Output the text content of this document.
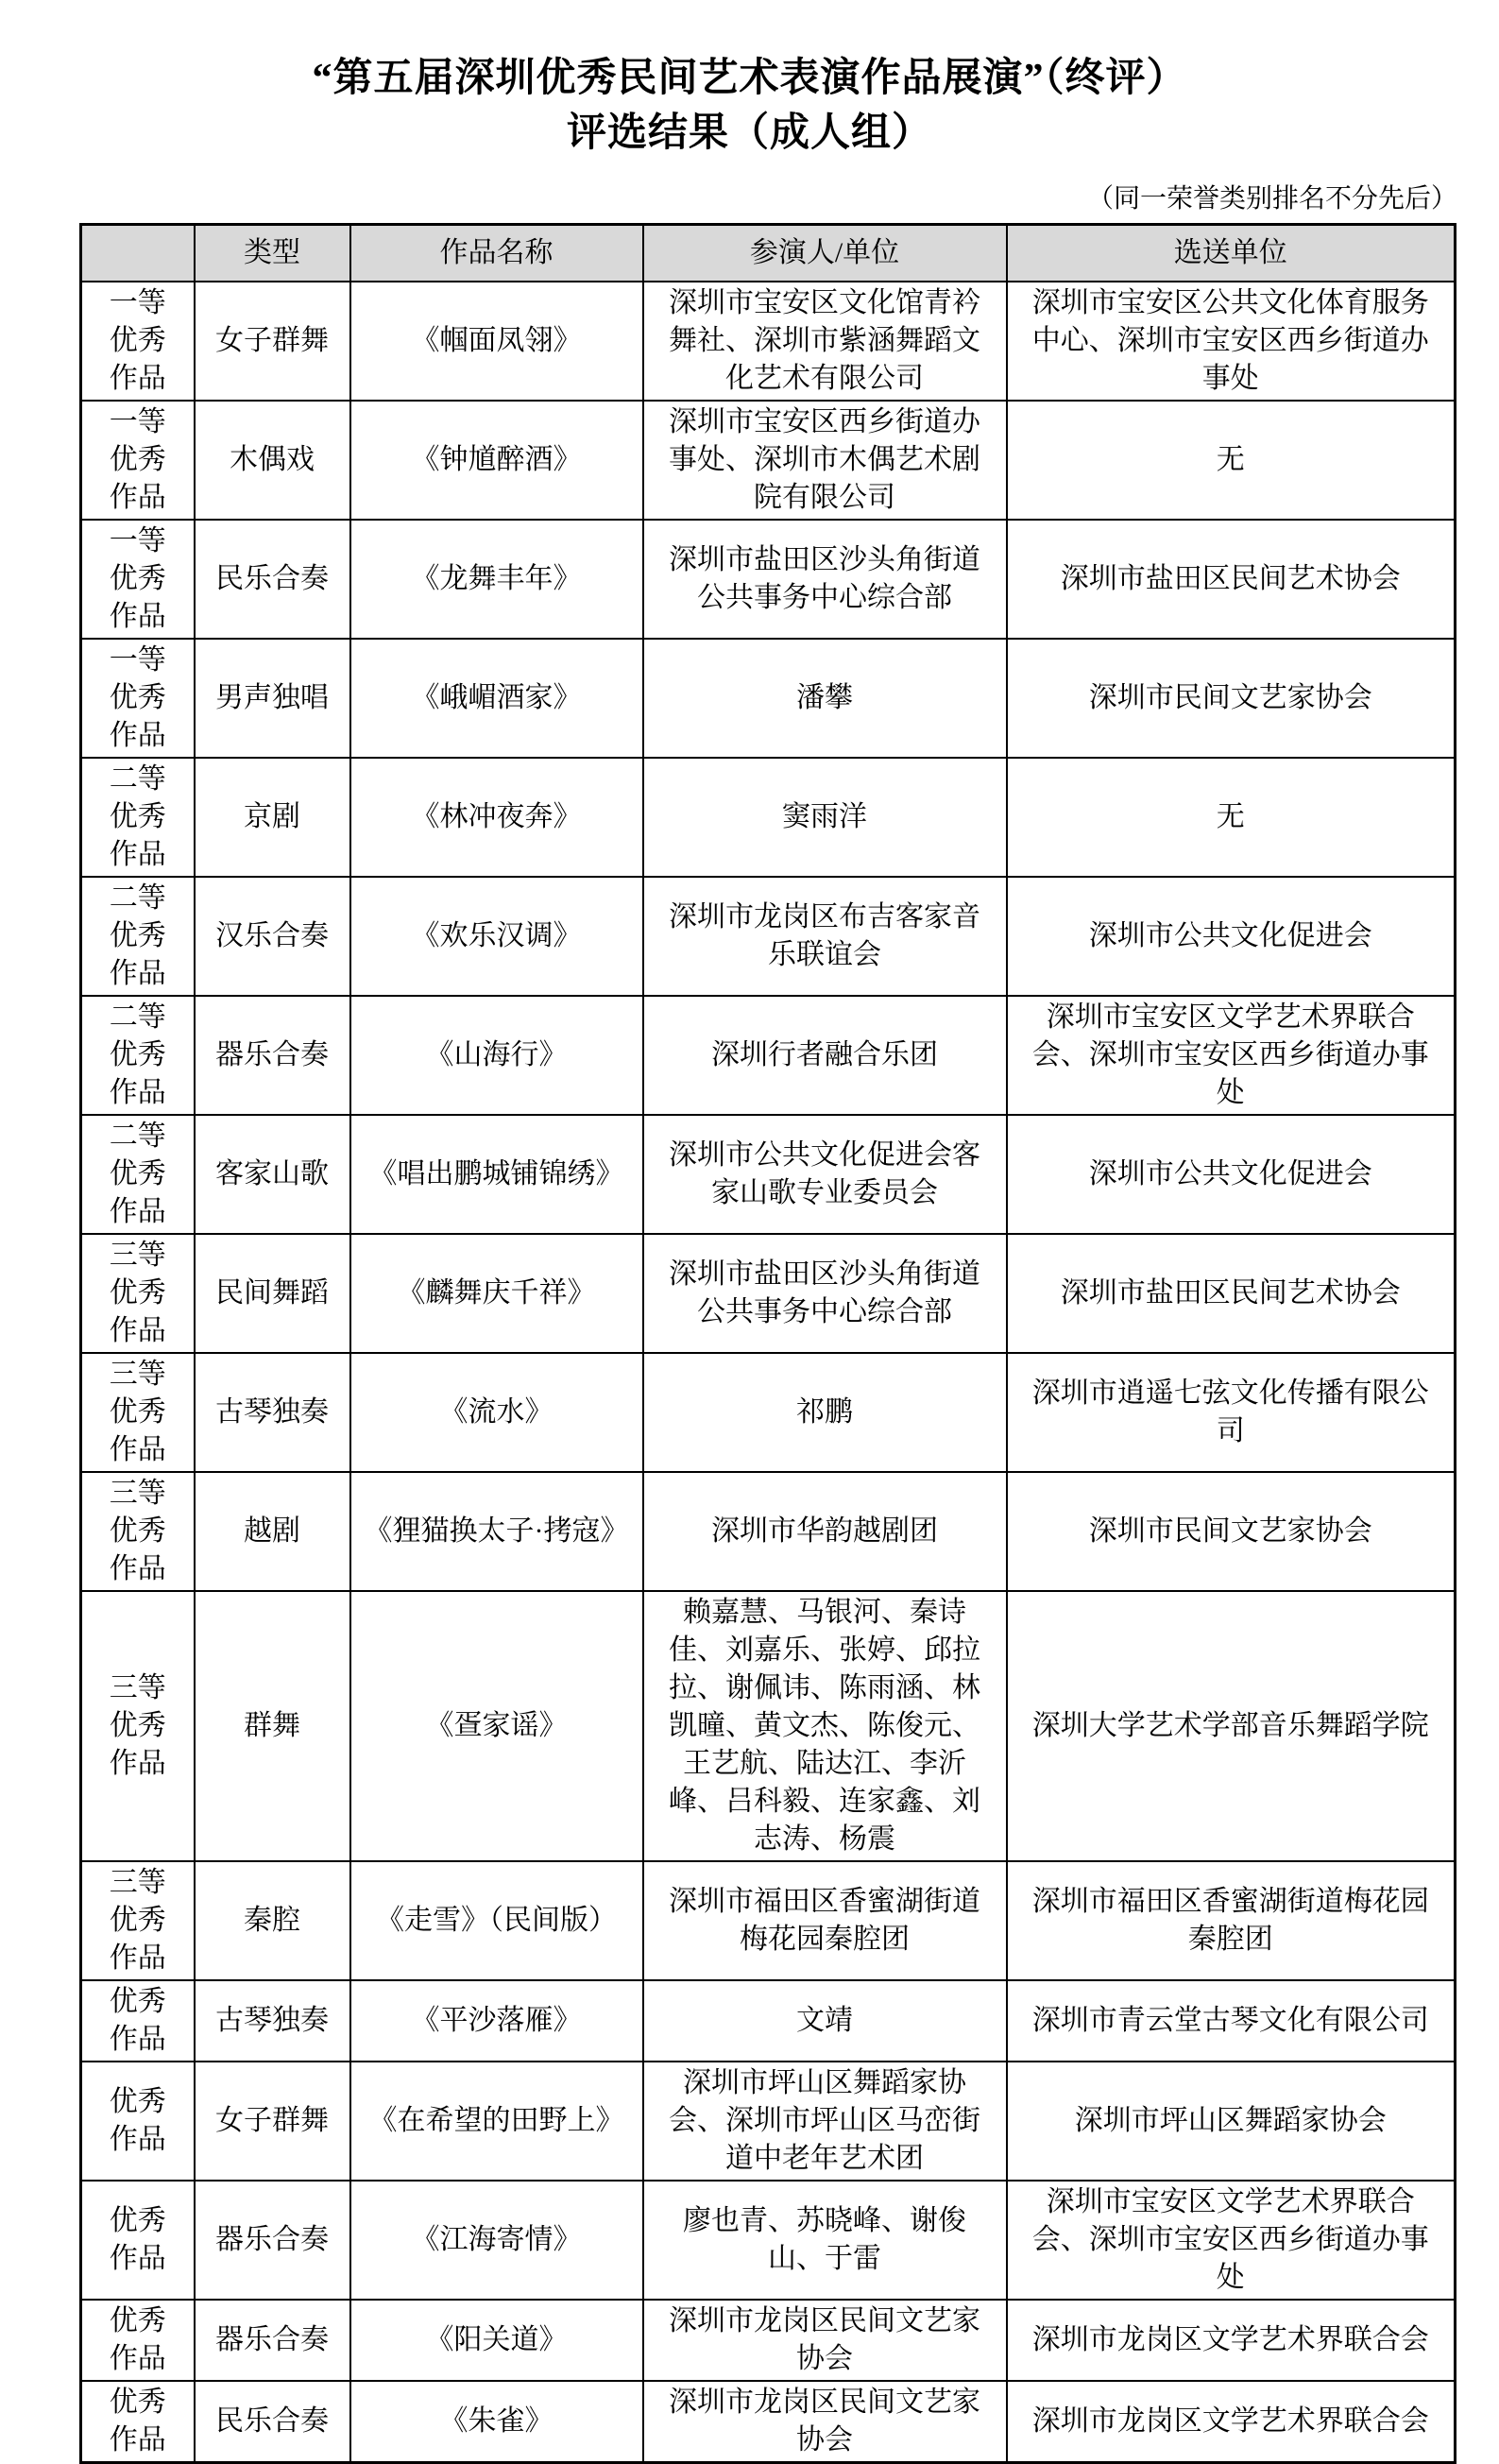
“第五届深圳优秀民间艺术表演作品展演”（终评）
评选结果（成人组）
（同一荣誉类别排名不分先后）
	类型	作品名称	参演人/单位	选送单位
一等优秀作品	女子群舞	《帼面凤翎》	深圳市宝安区文化馆青衿舞社、深圳市紫涵舞蹈文化艺术有限公司	深圳市宝安区公共文化体育服务中心、深圳市宝安区西乡街道办事处
一等优秀作品	木偶戏	《钟馗醉酒》	深圳市宝安区西乡街道办事处、深圳市木偶艺术剧院有限公司	无
一等优秀作品	民乐合奏	《龙舞丰年》	深圳市盐田区沙头角街道公共事务中心综合部	深圳市盐田区民间艺术协会
一等优秀作品	男声独唱	《峨嵋酒家》	潘攀	深圳市民间文艺家协会
二等优秀作品	京剧	《林冲夜奔》	窦雨洋	无
二等优秀作品	汉乐合奏	《欢乐汉调》	深圳市龙岗区布吉客家音乐联谊会	深圳市公共文化促进会
二等优秀作品	器乐合奏	《山海行》	深圳行者融合乐团	深圳市宝安区文学艺术界联合会、深圳市宝安区西乡街道办事处
二等优秀作品	客家山歌	《唱出鹏城铺锦绣》	深圳市公共文化促进会客家山歌专业委员会	深圳市公共文化促进会
三等优秀作品	民间舞蹈	《麟舞庆千祥》	深圳市盐田区沙头角街道公共事务中心综合部	深圳市盐田区民间艺术协会
三等优秀作品	古琴独奏	《流水》	祁鹏	深圳市逍遥七弦文化传播有限公司
三等优秀作品	越剧	《狸猫换太子·拷寇》	深圳市华韵越剧团	深圳市民间文艺家协会
三等优秀作品	群舞	《疍家谣》	赖嘉慧、马银河、秦诗佳、刘嘉乐、张婷、邱拉拉、谢佩讳、陈雨涵、林凯曈、黄文杰、陈俊元、王艺航、陆达江、李沂峰、吕科毅、连家鑫、刘志涛、杨震	深圳大学艺术学部音乐舞蹈学院
三等优秀作品	秦腔	《走雪》（民间版）	深圳市福田区香蜜湖街道梅花园秦腔团	深圳市福田区香蜜湖街道梅花园秦腔团
优秀作品	古琴独奏	《平沙落雁》	文靖	深圳市青云堂古琴文化有限公司
优秀作品	女子群舞	《在希望的田野上》	深圳市坪山区舞蹈家协会、深圳市坪山区马峦街道中老年艺术团	深圳市坪山区舞蹈家协会
优秀作品	器乐合奏	《江海寄情》	廖也青、苏晓峰、谢俊山、于雷	深圳市宝安区文学艺术界联合会、深圳市宝安区西乡街道办事处
优秀作品	器乐合奏	《阳关道》	深圳市龙岗区民间文艺家协会	深圳市龙岗区文学艺术界联合会
优秀作品	民乐合奏	《朱雀》	深圳市龙岗区民间文艺家协会	深圳市龙岗区文学艺术界联合会
